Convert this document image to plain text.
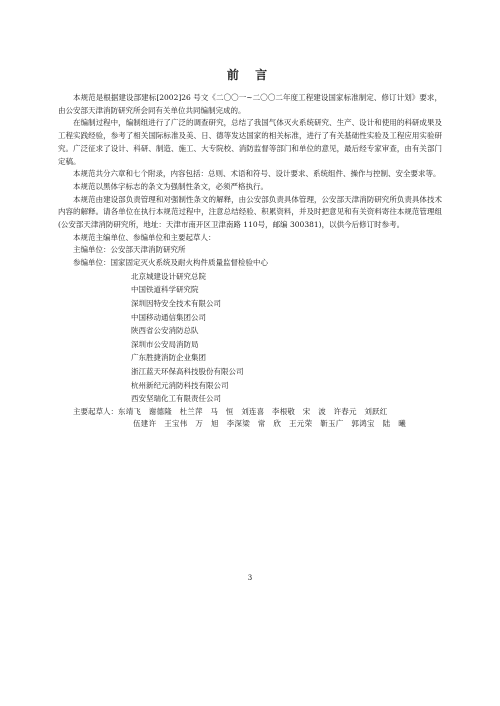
前 言

本规范是根据建设部建标[2002]26 号文《二〇〇一~二〇〇二年度工程建设国家标准制定、修订计划》要求，由公安部天津消防研究所会同有关单位共同编制完成的。

在编制过程中，编制组进行了广泛的调查研究，总结了我国气体灭火系统研究、生产、设计和使用的科研成果及工程实践经验，参考了相关国际标准及美、日、德等发达国家的相关标准，进行了有关基础性实验及工程应用实验研究。广泛征求了设计、科研、制造、施工、大专院校、消防监督等部门和单位的意见，最后经专家审查，由有关部门定稿。

本规范共分六章和七个附录，内容包括：总则、术语和符号、设计要求、系统组件、操作与控制、安全要求等。

本规范以黑体字标志的条文为强制性条文，必须严格执行。

本规范由建设部负责管理和对强制性条文的解释，由公安部负责具体管理，公安部天津消防研究所负责具体技术内容的解释。请各单位在执行本规范过程中，注意总结经验、积累资料，并及时把意见和有关资料寄往本规范管理组(公安部天津消防研究所，地址：天津市南开区卫津南路 110号，邮编 300381)，以供今后修订时参考。

本规范主编单位、参编单位和主要起草人：

主编单位：公安部天津消防研究所

参编单位：国家固定灭火系统及耐火构件质量监督检验中心

北京城建设计研究总院

中国铁道科学研究院

深圳因特安全技术有限公司

中国移动通信集团公司

陕西省公安消防总队

深圳市公安局消防局

广东胜捷消防企业集团

浙江蓝天环保高科技股份有限公司

杭州新纪元消防科技有限公司

西安坚瑞化工有限责任公司

主要起草人： 东靖飞　谢德隆　杜兰萍　马　恒　刘连喜　李根敬　宋　波　许春元　刘跃红
伍建许　王宝伟　万　旭　李深梁　常　欣　王元荣　靳玉广　郭鸿宝　陆　曦
3
